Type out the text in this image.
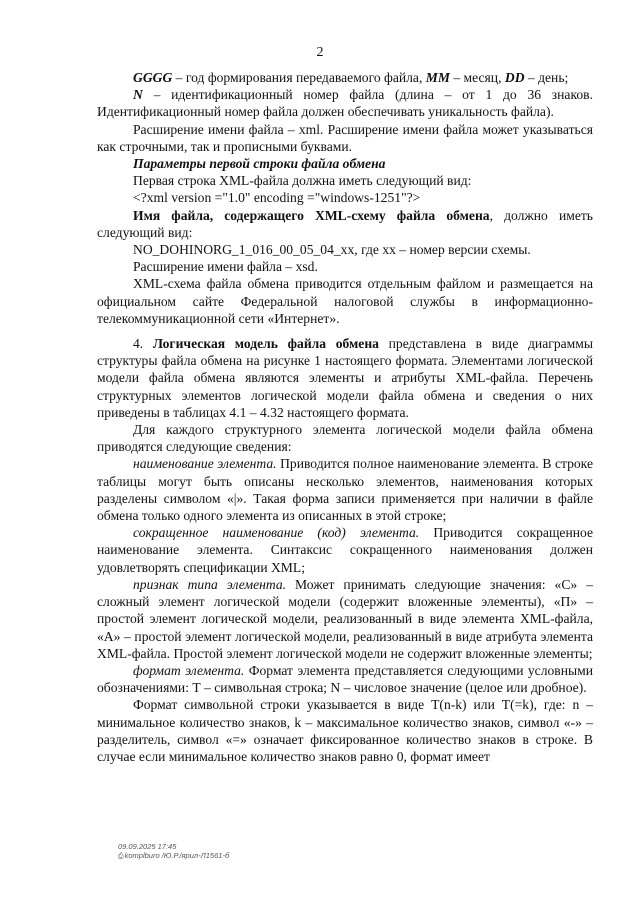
2

GGGG – год формирования передаваемого файла, MM – месяц, DD – день;

N – идентификационный номер файла (длина – от 1 до 36 знаков. Идентификационный номер файла должен обеспечивать уникальность файла).

Расширение имени файла – xml. Расширение имени файла может указываться как строчными, так и прописными буквами.

Параметры первой строки файла обмена

Первая строка XML-файла должна иметь следующий вид:

<?xml version ="1.0" encoding ="windows-1251"?>

Имя файла, содержащего XML-схему файла обмена, должно иметь следующий вид:

NO_DOHINORG_1_016_00_05_04_xx, где хх – номер версии схемы.

Расширение имени файла – xsd.

XML-схема файла обмена приводится отдельным файлом и размещается на официальном сайте Федеральной налоговой службы в информационно-телекоммуникационной сети «Интернет».

4. Логическая модель файла обмена представлена в виде диаграммы структуры файла обмена на рисунке 1 настоящего формата. Элементами логической модели файла обмена являются элементы и атрибуты XML-файла. Перечень структурных элементов логической модели файла обмена и сведения о них приведены в таблицах 4.1 – 4.32 настоящего формата.

Для каждого структурного элемента логической модели файла обмена приводятся следующие сведения:

наименование элемента. Приводится полное наименование элемента. В строке таблицы могут быть описаны несколько элементов, наименования которых разделены символом «|». Такая форма записи применяется при наличии в файле обмена только одного элемента из описанных в этой строке;

сокращенное наименование (код) элемента. Приводится сокращенное наименование элемента. Синтаксис сокращенного наименования должен удовлетворять спецификации XML;

признак типа элемента. Может принимать следующие значения: «С» – сложный элемент логической модели (содержит вложенные элементы), «П» – простой элемент логической модели, реализованный в виде элемента XML-файла, «А» – простой элемент логической модели, реализованный в виде атрибута элемента XML-файла. Простой элемент логической модели не содержит вложенные элементы;

формат элемента. Формат элемента представляется следующими условными обозначениями: Т – символьная строка; N – числовое значение (целое или дробное).

Формат символьной строки указывается в виде Т(n-k) или Т(=k), где: n – минимальное количество знаков, k – максимальное количество знаков, символ «-» – разделитель, символ «=» означает фиксированное количество знаков в строке. В случае если минимальное количество знаков равно 0, формат имеет

09.09.2025 17:45
⎙komplburo /Ю.Р./ярил-Л1561-б
